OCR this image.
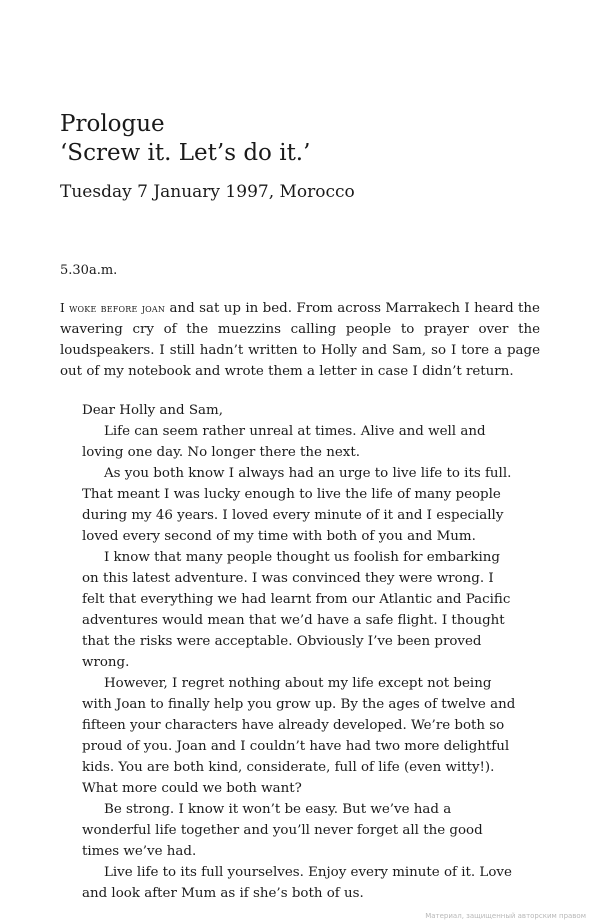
Prologue
‘Screw it. Let’s do it.’
Tuesday 7 January 1997, Morocco
5.30a.m.

I woke before joan and sat up in bed. From across Marrakech I heard the wavering cry of the muezzins calling people to prayer over the loudspeakers. I still hadn’t written to Holly and Sam, so I tore a page out of my notebook and wrote them a letter in case I didn’t return.

Dear Holly and Sam,

Life can seem rather unreal at times. Alive and well and loving one day. No longer there the next.

As you both know I always had an urge to live life to its full. That meant I was lucky enough to live the life of many people during my 46 years. I loved every minute of it and I especially loved every second of my time with both of you and Mum.

I know that many people thought us foolish for embarking on this latest adventure. I was convinced they were wrong. I felt that everything we had learnt from our Atlantic and Pacific adventures would mean that we’d have a safe flight. I thought that the risks were acceptable. Obviously I’ve been proved wrong.

However, I regret nothing about my life except not being with Joan to finally help you grow up. By the ages of twelve and fifteen your characters have already developed. We’re both so proud of you. Joan and I couldn’t have had two more delightful kids. You are both kind, considerate, full of life (even witty!). What more could we both want?

Be strong. I know it won’t be easy. But we’ve had a wonderful life together and you’ll never forget all the good times we’ve had.

Live life to its full yourselves. Enjoy every minute of it. Love and look after Mum as if she’s both of us.

Материал, защищенный авторским правом
